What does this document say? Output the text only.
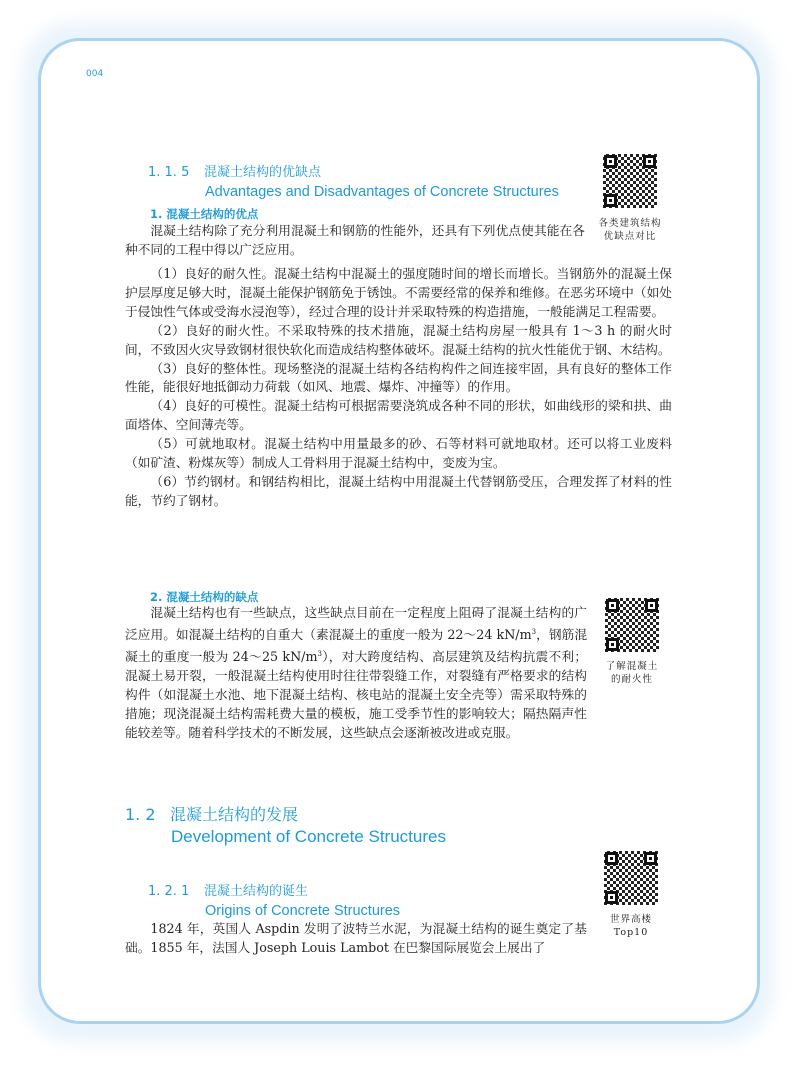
004
1. 1. 5 混凝土结构的优缺点
Advantages and Disadvantages of Concrete Structures
1. 混凝土结构的优点

混凝土结构除了充分利用混凝土和钢筋的性能外，还具有下列优点使其能在各种不同的工程中得以广泛应用。

（1）良好的耐久性。混凝土结构中混凝土的强度随时间的增长而增长。当钢筋外的混凝土保护层厚度足够大时，混凝土能保护钢筋免于锈蚀。不需要经常的保养和维修。在恶劣环境中（如处于侵蚀性气体或受海水浸泡等），经过合理的设计并采取特殊的构造措施，一般能满足工程需要。

（2）良好的耐火性。不采取特殊的技术措施，混凝土结构房屋一般具有 1～3 h 的耐火时间，不致因火灾导致钢材很快软化而造成结构整体破坏。混凝土结构的抗火性能优于钢、木结构。

（3）良好的整体性。现场整浇的混凝土结构各结构构件之间连接牢固，具有良好的整体工作性能，能很好地抵御动力荷载（如风、地震、爆炸、冲撞等）的作用。

（4）良好的可模性。混凝土结构可根据需要浇筑成各种不同的形状，如曲线形的梁和拱、曲面塔体、空间薄壳等。

（5）可就地取材。混凝土结构中用量最多的砂、石等材料可就地取材。还可以将工业废料（如矿渣、粉煤灰等）制成人工骨料用于混凝土结构中，变废为宝。

（6）节约钢材。和钢结构相比，混凝土结构中用混凝土代替钢筋受压，合理发挥了材料的性能，节约了钢材。

2. 混凝土结构的缺点

混凝土结构也有一些缺点，这些缺点目前在一定程度上阻碍了混凝土结构的广泛应用。如混凝土结构的自重大（素混凝土的重度一般为 22～24 $kN/m^3$，钢筋混凝土的重度一般为 24～25 $kN/m^3$），对大跨度结构、高层建筑及结构抗震不利；混凝土易开裂，一般混凝土结构使用时往往带裂缝工作，对裂缝有严格要求的结构构件（如混凝土水池、地下混凝土结构、核电站的混凝土安全壳等）需采取特殊的措施；现浇混凝土结构需耗费大量的模板，施工受季节性的影响较大；隔热隔声性能较差等。随着科学技术的不断发展，这些缺点会逐渐被改进或克服。

各类建筑结构
优缺点对比
了解混凝土
的耐火性
世界高楼
Top10
1. 2 混凝土结构的发展
Development of Concrete Structures
1. 2. 1 混凝土结构的诞生
Origins of Concrete Structures

1824 年，英国人 Aspdin 发明了波特兰水泥，为混凝土结构的诞生奠定了基础。1855 年，法国人 Joseph Louis Lambot 在巴黎国际展览会上展出了
